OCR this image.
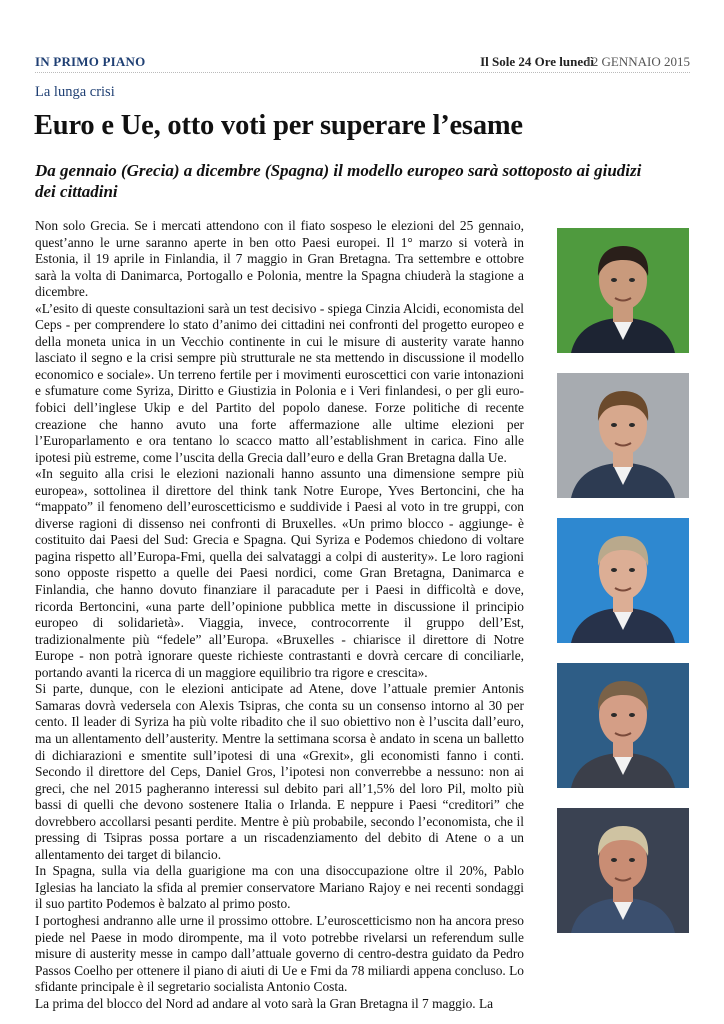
IN PRIMO PIANO	Il Sole 24 Ore lunedì
12 GENNAIO 2015
La lunga crisi
Euro e Ue, otto voti per superare l’esame
Da gennaio (Grecia) a dicembre (Spagna) il modello europeo sarà sottoposto ai giudizi dei cittadini

Non solo Grecia. Se i mercati attendono con il fiato sospeso le elezioni del 25 gennaio, quest’anno le urne saranno aperte in ben otto Paesi europei. Il 1° marzo si voterà in Estonia, il 19 aprile in Finlandia, il 7 maggio in Gran Bretagna. Tra settembre e ottobre sarà la volta di Danimarca, Portogallo e Polonia, mentre la Spagna chiuderà la stagione a dicembre.

«L’esito di queste consultazioni sarà un test decisivo - spiega Cinzia Alcidi, economista del Ceps - per comprendere lo stato d’animo dei cittadini nei confronti del progetto europeo e della moneta unica in un Vecchio continente in cui le misure di austerity varate hanno lasciato il segno e la crisi sempre più strutturale ne sta mettendo in discussione il modello economico e sociale». Un terreno fertile per i movimenti euroscettici con varie intonazioni e sfumature come Syriza, Diritto e Giustizia in Polonia e i Veri finlandesi, o per gli euro-fobici dell’inglese Ukip e del Partito del popolo danese. Forze politiche di recente creazione che hanno avuto una forte affermazione alle ultime elezioni per l’Europarlamento e ora tentano lo scacco matto all’establishment in carica. Fino alle ipotesi più estreme, come l’uscita della Grecia dall’euro e della Gran Bretagna dalla Ue.

«In seguito alla crisi le elezioni nazionali hanno assunto una dimensione sempre più europea», sottolinea il direttore del think tank Notre Europe, Yves Bertoncini, che ha “mappato” il fenomeno dell’euroscetticismo e suddivide i Paesi al voto in tre gruppi, con diverse ragioni di dissenso nei confronti di Bruxelles. «Un primo blocco - aggiunge- è costituito dai Paesi del Sud: Grecia e Spagna. Qui Syriza e Podemos chiedono di voltare pagina rispetto all’Europa-Fmi, quella dei salvataggi a colpi di austerity». Le loro ragioni sono opposte rispetto a quelle dei Paesi nordici, come Gran Bretagna, Danimarca e Finlandia, che hanno dovuto finanziare il paracadute per i Paesi in difficoltà e dove, ricorda Bertoncini, «una parte dell’opinione pubblica mette in discussione il principio europeo di solidarietà». Viaggia, invece, controcorrente il gruppo dell’Est, tradizionalmente più “fedele” all’Europa. «Bruxelles - chiarisce il direttore di Notre Europe - non potrà ignorare queste richieste contrastanti e dovrà cercare di conciliarle, portando avanti la ricerca di un maggiore equilibrio tra rigore e crescita».

Si parte, dunque, con le elezioni anticipate ad Atene, dove l’attuale premier Antonis Samaras dovrà vedersela con Alexis Tsipras, che conta su un consenso intorno al 30 per cento. Il leader di Syriza ha più volte ribadito che il suo obiettivo non è l’uscita dall’euro, ma un allentamento dell’austerity. Mentre la settimana scorsa è andato in scena un balletto di dichiarazioni e smentite sull’ipotesi di una «Grexit», gli economisti fanno i conti. Secondo il direttore del Ceps, Daniel Gros, l’ipotesi non converrebbe a nessuno: non ai greci, che nel 2015 pagheranno interessi sul debito pari all’1,5% del loro Pil, molto più bassi di quelli che devono sostenere Italia o Irlanda. E neppure i Paesi “creditori” che dovrebbero accollarsi pesanti perdite. Mentre è più probabile, secondo l’economista, che il pressing di Tsipras possa portare a un riscadenziamento del debito di Atene o a un allentamento dei target di bilancio.

In Spagna, sulla via della guarigione ma con una disoccupazione oltre il 20%, Pablo Iglesias ha lanciato la sfida al premier conservatore Mariano Rajoy e nei recenti sondaggi il suo partito Podemos è balzato al primo posto.

I portoghesi andranno alle urne il prossimo ottobre. L’euroscetticismo non ha ancora preso piede nel Paese in modo dirompente, ma il voto potrebbe rivelarsi un referendum sulle misure di austerity messe in campo dall’attuale governo di centro-destra guidato da Pedro Passos Coelho per ottenere il piano di aiuti di Ue e Fmi da 78 miliardi appena concluso. Lo sfidante principale è il segretario socialista Antonio Costa.

La prima del blocco del Nord ad andare al voto sarà la Gran Bretagna il 7 maggio. La
